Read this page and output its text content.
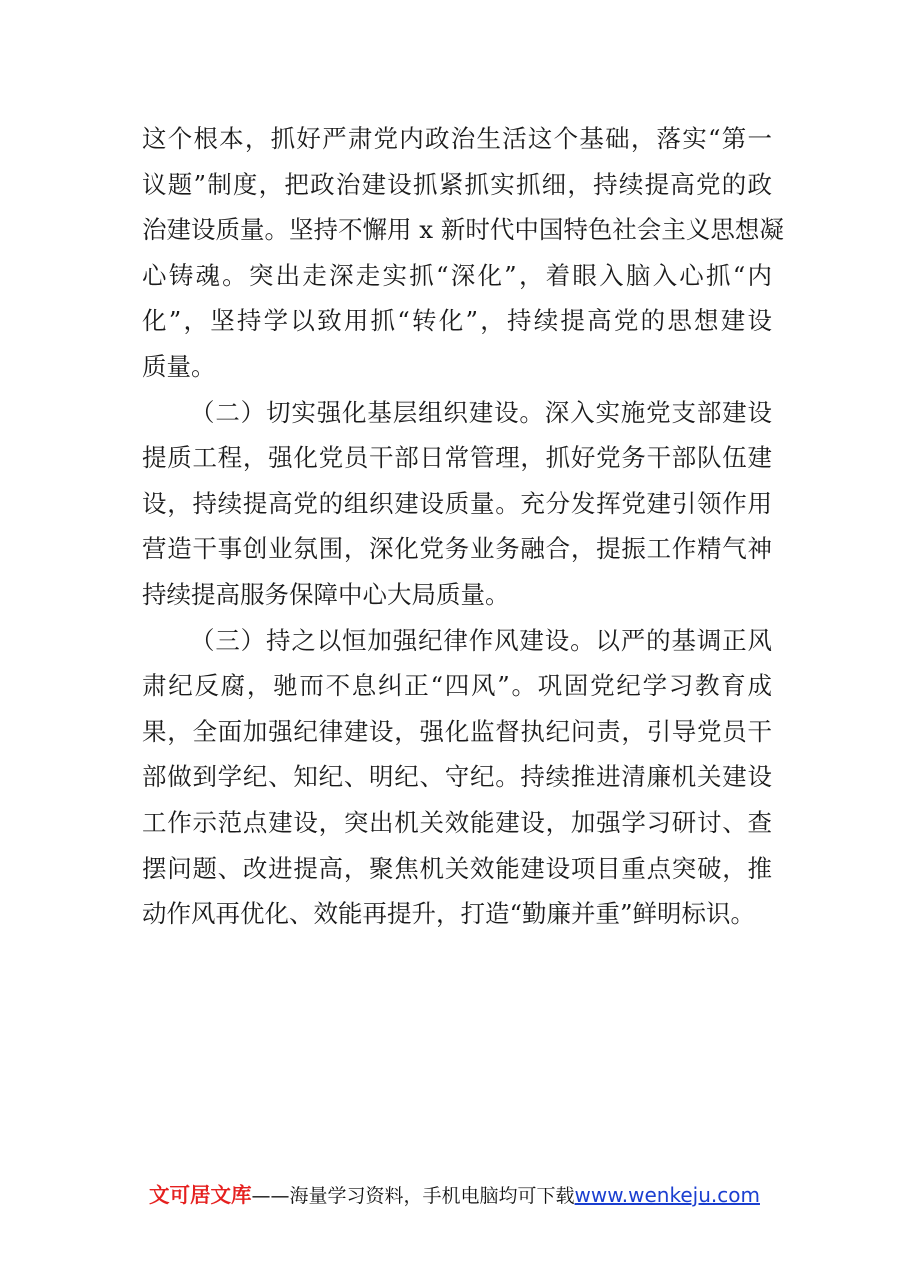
这个根本，抓好严肃党内政治生活这个基础，落实“第一
议题”制度，把政治建设抓紧抓实抓细，持续提高党的政
治建设质量。坚持不懈用 x 新时代中国特色社会主义思想凝
心铸魂。突出走深走实抓“深化”，着眼入脑入心抓“内
化”，坚持学以致用抓“转化”，持续提高党的思想建设
质量。
（二）切实强化基层组织建设。深入实施党支部建设
提质工程，强化党员干部日常管理，抓好党务干部队伍建
设，持续提高党的组织建设质量。充分发挥党建引领作用
营造干事创业氛围，深化党务业务融合，提振工作精气神
持续提高服务保障中心大局质量。
（三）持之以恒加强纪律作风建设。以严的基调正风
肃纪反腐，驰而不息纠正“四风”。巩固党纪学习教育成
果，全面加强纪律建设，强化监督执纪问责，引导党员干
部做到学纪、知纪、明纪、守纪。持续推进清廉机关建设
工作示范点建设，突出机关效能建设，加强学习研讨、查
摆问题、改进提高，聚焦机关效能建设项目重点突破，推
动作风再优化、效能再提升，打造“勤廉并重”鲜明标识。
文可居文库——海量学习资料，手机电脑均可下载www.wenkeju.com
